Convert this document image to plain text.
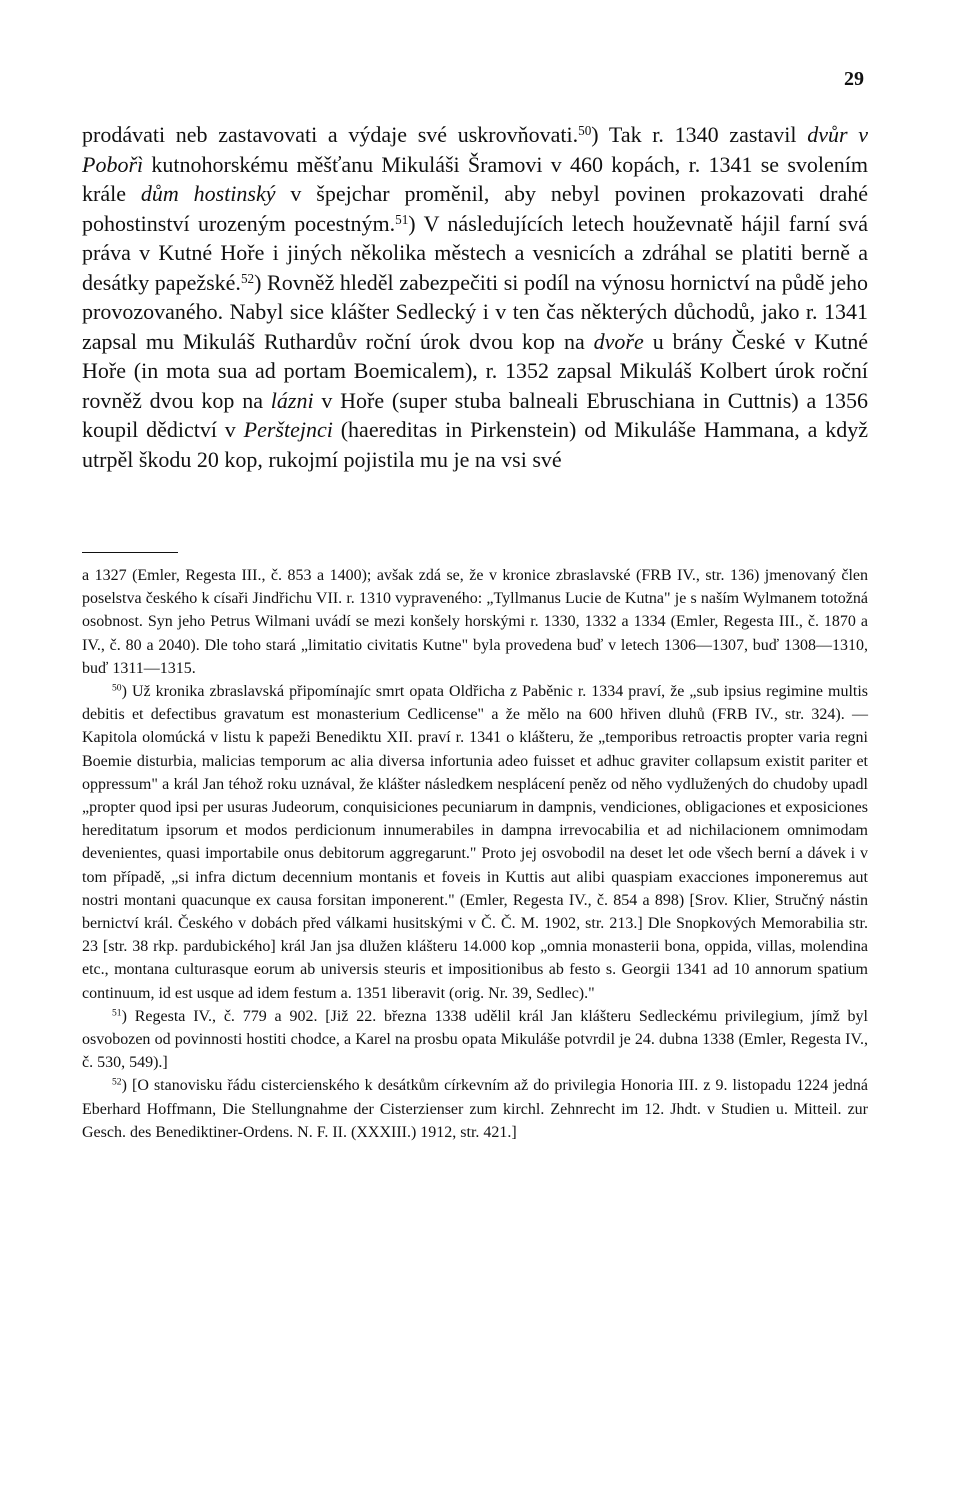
29

prodávati neb zastavovati a výdaje své uskrovňovati.$^{50}$) Tak r. 1340 zastavil dvůr v Pobořì kutnohorskému měšťanu Mikuláši Šramovi v 460 kopách, r. 1341 se svolením krále dům hostinský v špejchar proměnil, aby nebyl povinen prokazovati drahé pohostinství urozeným pocestným.$^{51}$) V následujících letech houževnatě hájil farní svá práva v Kutné Hoře i jiných několika městech a vesnicích a zdráhal se platiti berně a desátky papežské.$^{52}$) Rovněž hleděl zabezpečiti si podíl na výnosu hornictví na půdě jeho provozovaného. Nabyl sice klášter Sedlecký i v ten čas některých důchodů, jako r. 1341 zapsal mu Mikuláš Ruthardův roční úrok dvou kop na dvoře u brány České v Kutné Hoře (in mota sua ad portam Boemicalem), r. 1352 zapsal Mikuláš Kolbert úrok roční rovněž dvou kop na lázni v Hoře (super stuba balneali Ebruschiana in Cuttnis) a 1356 koupil dědictví v Perštejnci (haereditas in Pirkenstein) od Mikuláše Hammana, a když utrpěl škodu 20 kop, rukojmí pojistila mu je na vsi své

a 1327 (Emler, Regesta III., č. 853 a 1400); avšak zdá se, že v kronice zbraslavské (FRB IV., str. 136) jmenovaný člen poselstva českého k císaři Jindřichu VII. r. 1310 vypraveného: „Tyllmanus Lucie de Kutna" je s naším Wylmanem totožná osobnost. Syn jeho Petrus Wilmani uvádí se mezi konšely horskými r. 1330, 1332 a 1334 (Emler, Regesta III., č. 1870 a IV., č. 80 a 2040). Dle toho stará „limitatio civitatis Kutne" byla provedena buď v letech 1306—1307, buď 1308—1310, buď 1311—1315.

$^{50}$) Už kronika zbraslavská připomínajíc smrt opata Oldřicha z Paběnic r. 1334 praví, že „sub ipsius regimine multis debitis et defectibus gravatum est monasterium Cedlicense" a že mělo na 600 hřiven dluhů (FRB IV., str. 324). — Kapitola olomúcká v listu k papeži Benediktu XII. praví r. 1341 o klášteru, že „temporibus retroactis propter varia regni Boemie disturbia, malicias temporum ac alia diversa infortunia adeo fuisset et adhuc graviter collapsum existit pariter et oppressum" a král Jan téhož roku uznával, že klášter následkem nesplácení peněz od něho vydlužených do chudoby upadl „propter quod ipsi per usuras Judeorum, conquisiciones pecuniarum in dampnis, vendiciones, obligaciones et exposiciones hereditatum ipsorum et modos perdicionum innumerabiles in dampna irrevocabilia et ad nichilacionem omnimodam devenientes, quasi importabile onus debitorum aggregarunt." Proto jej osvobodil na deset let ode všech berní a dávek i v tom případě, „si infra dictum decennium montanis et foveis in Kuttis aut alibi quaspiam exacciones imponeremus aut nostri montani quacunque ex causa forsitan imponerent." (Emler, Regesta IV., č. 854 a 898) [Srov. Klier, Stručný nástin bernictví král. Českého v dobách před válkami husitskými v Č. Č. M. 1902, str. 213.] Dle Snopkových Memorabilia str. 23 [str. 38 rkp. pardubického] král Jan jsa dlužen klášteru 14.000 kop „omnia monasterii bona, oppida, villas, molendina etc., montana culturasque eorum ab universis steuris et impositionibus ab festo s. Georgii 1341 ad 10 annorum spatium continuum, id est usque ad idem festum a. 1351 liberavit (orig. Nr. 39, Sedlec)."

$^{51}$) Regesta IV., č. 779 a 902. [Již 22. března 1338 udělil král Jan klášteru Sedleckému privilegium, jímž byl osvobozen od povinnosti hostiti chodce, a Karel na prosbu opata Mikuláše potvrdil je 24. dubna 1338 (Emler, Regesta IV., č. 530, 549).]

$^{52}$) [O stanovisku řádu cistercienského k desátkům církevním až do privilegia Honoria III. z 9. listopadu 1224 jedná Eberhard Hoffmann, Die Stellungnahme der Cisterzienser zum kirchl. Zehnrecht im 12. Jhdt. v Studien u. Mitteil. zur Gesch. des Benediktiner-Ordens. N. F. II. (XXXIII.) 1912, str. 421.]
